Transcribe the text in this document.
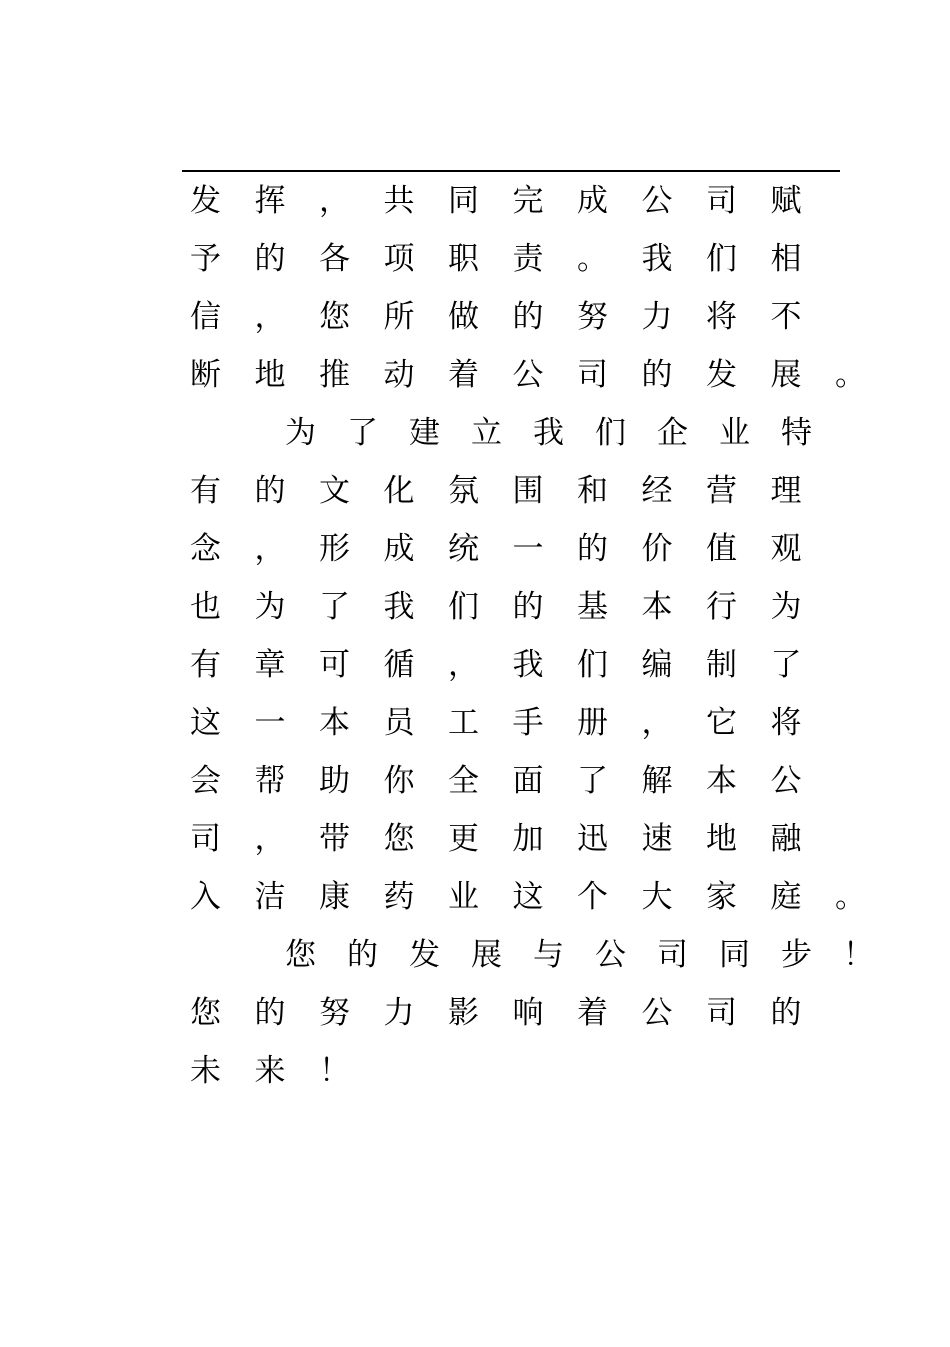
发 挥 ， 共 同 完 成 公 司 赋
予 的 各 项 职 责 。 我 们 相
信 ， 您 所 做 的 努 力 将 不
断 地 推 动 着 公 司 的 发 展 。
为 了 建 立 我 们 企 业 特
有 的 文 化 氛 围 和 经 营 理
念 ， 形 成 统 一 的 价 值 观
也 为 了 我 们 的 基 本 行 为
有 章 可 循 ， 我 们 编 制 了
这 一 本 员 工 手 册 ， 它 将
会 帮 助 你 全 面 了 解 本 公
司 ， 带 您 更 加 迅 速 地 融
入 洁 康 药 业 这 个 大 家 庭 。
您 的 发 展 与 公 司 同 步 ！
您 的 努 力 影 响 着 公 司 的
未 来 ！
